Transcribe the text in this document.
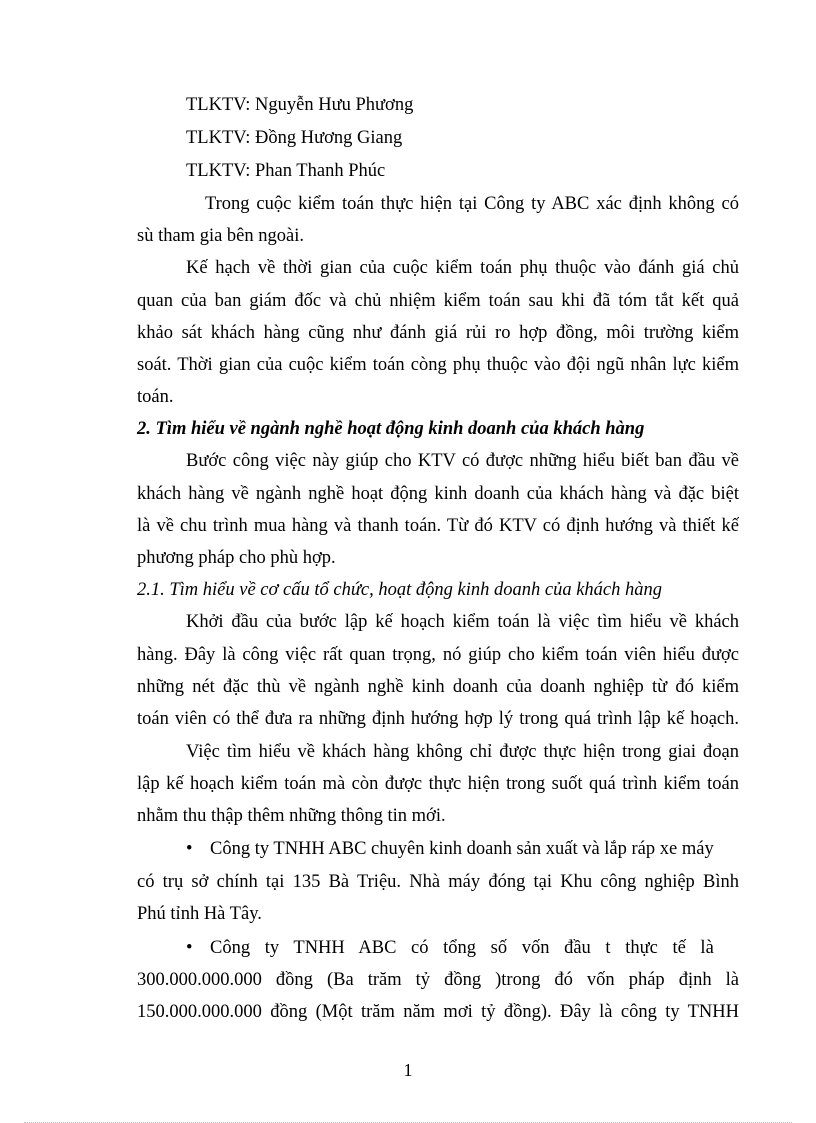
TLKTV: Nguyễn Hưu Phương
TLKTV: Đồng Hương Giang
TLKTV: Phan Thanh Phúc
Trong cuộc kiểm toán thực hiện tại Công ty ABC xác định không có
sù tham gia bên ngoài.
Kế hạch về thời gian của cuộc kiểm toán phụ thuộc vào đánh giá chủ
quan của ban giám đốc và chủ nhiệm kiểm toán sau khi đã tóm tắt kết quả
khảo sát khách hàng cũng như đánh giá rủi ro hợp đồng, môi trường kiểm
soát. Thời gian của cuộc kiểm toán còng phụ thuộc vào đội ngũ nhân lực kiểm
toán.
2. Tìm hiểu về ngành nghề hoạt động kinh doanh của khách hàng
Bước công việc này giúp cho KTV có được những hiểu biết ban đầu về
khách hàng về ngành nghề hoạt động kinh doanh của khách hàng và đặc biệt
là về chu trình mua hàng và thanh toán. Từ đó KTV có định hướng và thiết kế
phương pháp cho phù hợp.
2.1. Tìm hiểu về cơ cấu tổ chức, hoạt động kinh doanh của khách hàng
Khởi đầu của bước lập kế hoạch kiểm toán là việc tìm hiểu về khách
hàng. Đây là công việc rất quan trọng, nó giúp cho kiểm toán viên hiểu được
những nét đặc thù về ngành nghề kinh doanh của doanh nghiệp từ đó kiểm
toán viên có thể đưa ra những định hướng hợp lý trong quá trình lập kế hoạch.
Việc tìm hiểu về khách hàng không chỉ được thực hiện trong giai đoạn
lập kế hoạch kiểm toán mà còn được thực hiện trong suốt quá trình kiểm toán
nhằm thu thập thêm những thông tin mới.
• Công ty TNHH ABC chuyên kinh doanh sản xuất và lắp ráp xe máy
có trụ sở chính tại 135 Bà Triệu. Nhà máy đóng tại Khu công nghiệp Bình
Phú tỉnh Hà Tây.
• Công ty TNHH ABC có tổng số vốn đầu t thực tế là
300.000.000.000 đồng (Ba trăm tỷ đồng )trong đó vốn pháp định là
150.000.000.000 đồng (Một trăm năm mơi tỷ đồng). Đây là công ty TNHH
1
